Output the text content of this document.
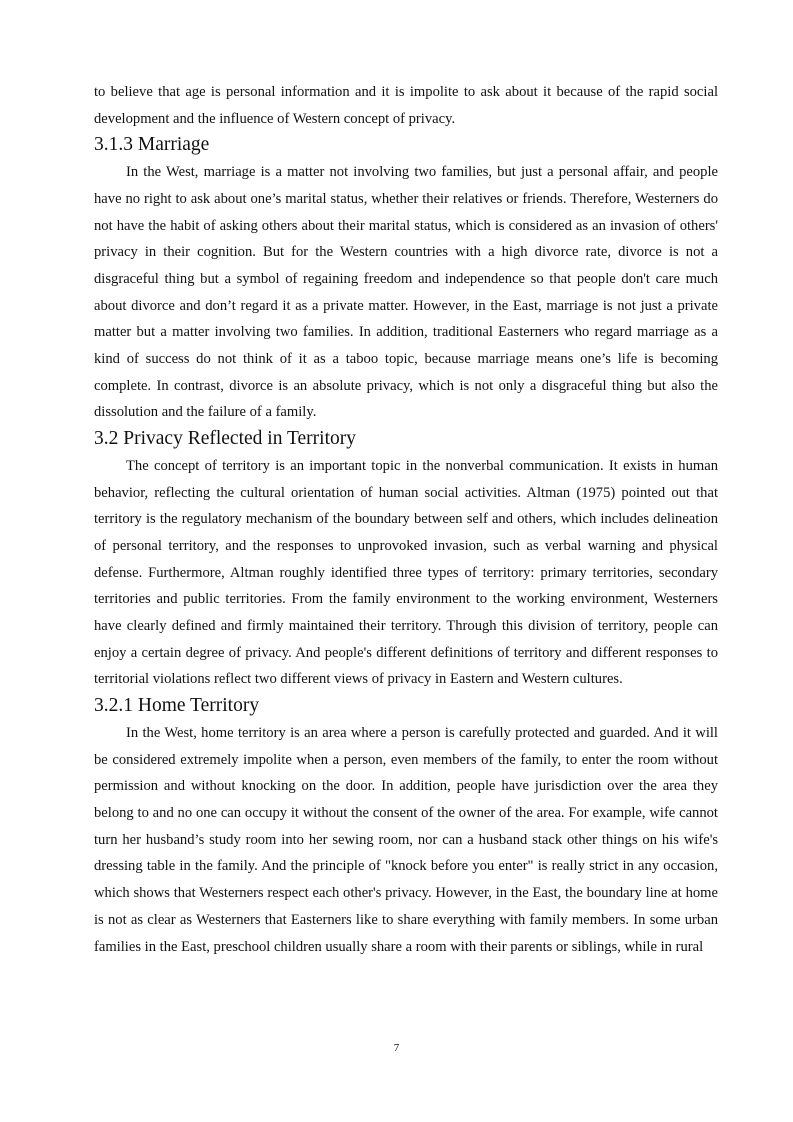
to believe that age is personal information and it is impolite to ask about it because of the rapid social development and the influence of Western concept of privacy.

3.1.3 Marriage

In the West, marriage is a matter not involving two families, but just a personal affair, and people have no right to ask about one’s marital status, whether their relatives or friends. Therefore, Westerners do not have the habit of asking others about their marital status, which is considered as an invasion of others' privacy in their cognition. But for the Western countries with a high divorce rate, divorce is not a disgraceful thing but a symbol of regaining freedom and independence so that people don't care much about divorce and don’t regard it as a private matter. However, in the East, marriage is not just a private matter but a matter involving two families. In addition, traditional Easterners who regard marriage as a kind of success do not think of it as a taboo topic, because marriage means one’s life is becoming complete. In contrast, divorce is an absolute privacy, which is not only a disgraceful thing but also the dissolution and the failure of a family.

3.2 Privacy Reflected in Territory

The concept of territory is an important topic in the nonverbal communication. It exists in human behavior, reflecting the cultural orientation of human social activities. Altman (1975) pointed out that territory is the regulatory mechanism of the boundary between self and others, which includes delineation of personal territory, and the responses to unprovoked invasion, such as verbal warning and physical defense. Furthermore, Altman roughly identified three types of territory: primary territories, secondary territories and public territories. From the family environment to the working environment, Westerners have clearly defined and firmly maintained their territory. Through this division of territory, people can enjoy a certain degree of privacy. And people's different definitions of territory and different responses to territorial violations reflect two different views of privacy in Eastern and Western cultures.

3.2.1 Home Territory

In the West, home territory is an area where a person is carefully protected and guarded. And it will be considered extremely impolite when a person, even members of the family, to enter the room without permission and without knocking on the door. In addition, people have jurisdiction over the area they belong to and no one can occupy it without the consent of the owner of the area. For example, wife cannot turn her husband’s study room into her sewing room, nor can a husband stack other things on his wife's dressing table in the family. And the principle of "knock before you enter" is really strict in any occasion, which shows that Westerners respect each other's privacy. However, in the East, the boundary line at home is not as clear as Westerners that Easterners like to share everything with family members. In some urban families in the East, preschool children usually share a room with their parents or siblings, while in rural

7
